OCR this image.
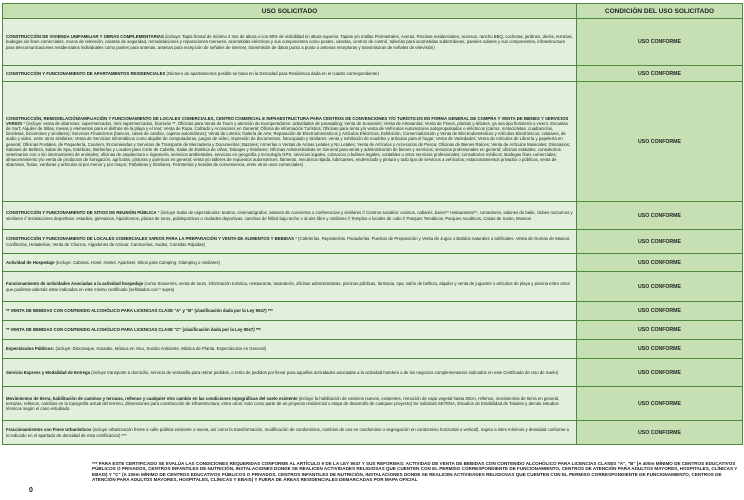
USO SOLICITADO	CONDICIÓN DEL USO SOLICITADO
CONSTRUCCIÓN DE VIVIENDA UNIFAMILIAR Y OBRAS COMPLEMENTARIAS (incluye: Tapia frontal de mínimo 2 mts de altura o con 80% de visibilidad en altura superior, Tapias y/o mallas Perimetrales, Aceras, Piscinas residenciales, accesos, rancho BBQ, cocheras, jardines, decks, terrazas, bodegas sin fines comerciales, muros de retención, casetas de seguridad, remodelaciones y reparaciones menores, acometidas eléctricas y sus componentes como postes, casetas, centros de control, tuberías para acometidas subterráneas, paneles solares y sus componentes, infraestructura para telecomunicaciones residenciales individuales como postes para antenas, antenas para recepción de señales de internet, transmisión de datos punto a punto o antenas receptoras y transmisoras de señales de televisión)	USO CONFORME
CONSTRUCCIÓN Y FUNCIONAMIENTO DE APARTAMENTOS RESIDENCIALES (Número de apartamentos posible se basa en la Densidad para Residencia dada en el cuadro correspondiente)	USO CONFORME
CONSTRUCCIÓN, REMODELACIÓN/AMPLIACIÓN Y FUNCIONAMIENTO DE LOCALES COMERCIALES, CENTRO COMERCIAL E INFRAESTRUCTURA PARA CENTROS DE CONVENCIONES Y/O TURÍSTICOS EN FORMA GENERAL DE COMPRA Y VENTA DE BIENES Y SERVICIOS VARIOS * (incluye: venta de abarrotes, supermercados, mini supermercados, licoreras **, Oficinas para Venta de Tours y atención de touroperadores: actividades de parasailing; Venta de Souvenirs; Venta de Artesanías; Venta de Flores, plantas y árboles, ya sea tipo floristería o vivero; Escuelas de Surf; Alquiler de Sillas, mesas y elementos para el disfrute de la playa y el mar; Venta de Ropa, Calzado y Accesorios en General; Oficina de información Turística; Oficinas para renta y/o venta de Vehículos Automotores autopropulsados o eléctricos (carros, motocicletas, cuadraciclos, bicicletas, biciomotos y similares); Servicios Financieros (bancos, casas de cambio, cajeros automáticos); Venta de Lotería; Galería de Arte; Reparación de Electrodomésticos y Artículos Eléctricos; Exhibición, Comercialización y Venta de Electrodomésticos y Artículos Electrónicos; celulares, de audio y video, entre otros similares; Venta de Servicios Informáticos como alquiler de computadoras, juegos de video, impresión de documentos, fotocopiado y similares; venta y exhibición de muebles y artículos para el hogar; Venta de Variedades; Venta de Artículos de Librería y papelería en general; Oficinas Postales, de Paquetería, Couriers, Encomiendas y Servicios de Transporte de Mercadería y Documentos; Bazares; Armerías o Ventas de Armas Letales y No Letales; Venta de Artículos y Accesorios de Pesca; Oficinas de Bienes Raíces; Venta de Artículos Musicales; Gimnasios; Salones de Belleza, Salas de Spa, Estéticas, Barberías y Locales para Corte de Cabello, Salas de Estética de Uñas, Tatuajes y Similares; Oficinas Administrativas en General para venta y administración de bienes y servicios; servicios profesionales en general; oficinas estatales; consultorios veterinarios con o sin internamiento de animales; oficinas de arquitectura e ingeniería, servicios ambientales, servicios en geografía y tecnología GPS, servicios legales, consorcio o bufetes legales, contables u otros servicios profesionales; consultorios médicos; Bodegas fines comerciales; almacenamiento y/o venta de productos de fumigación, agrícolas, pinturas y químicos en general; venta y/o talleres de repuestos automotrices, llanteras, mecánica rápida, lubricantes, enderezado y pintura y todo tipo de servicios a vehículos; estacionamientos privados o públicos, venta de abarrotes, frutas, verduras y artículos al por menor y por mayor; Pañaleras y Similares, Ferreterías y tiendas de conveniencia, entre otros usos comerciales)	USO CONFORME
CONSTRUCCIÓN Y FUNCIONAMIENTO DE SITIOS DE REUNIÓN PÚBLICA * (incluye Salas de espectáculos: teatros, cinematógrafos, salones de conciertos o conferencias y similares // Centros sociales: casinos, cabarés, bares** restaurantes**, comedores, salones de baile, clubes nocturnos y similares // Instalaciones deportivas: estadios, gimnasios, hipódromos, plazas de toros, polideportivos o ciudades deportivas, canchas de fútbol bajo techo o al aire libre y similares // Templos o locales de culto // Parques Temáticos, Parques Acuáticos, Casas de Susto, Museos	USO CONFORME
CONSTRUCCIÓN Y FUNCIONAMIENTO DE LOCALES COMERCIALES VARIOS PARA LA PREPARACIÓN Y VENTA DE ALIMENTOS Y BEBIDAS * (Cafeterías, Reposterías, Panaderías, Puestos de Preparación y Venta de Jugos o Batidos naturales o artificiales, Venta de Gomas de Mascar, Confiterías, Heladerías, Venta de Churros, Algodones de Azúcar, Carnicerías, Sodas, Comidas Rápidas)	USO CONFORME
Actividad de Hospedaje (incluye: Cabinas, Hotel, Hostel, Apartotel, Sitios para Camping, Glamping o similares)	USO CONFORME
Funcionamiento de actividades Asociadas a la actividad hospedaje (como Souvenirs, venta de tours, información turística, restaurante, lavandería, oficinas administrativas, piscinas públicas, farmacia, spa, salón de belleza, alquiler y venta de juguetes o artículos de playa y piscina entre otros que pudieran además estar indicados en este mismo certificado (señalados con * supra)	USO CONFORME
** VENTA DE BEBIDAS CON CONTENIDO ALCOHÓLICO PARA LICENCIAS CLASE "A" y "B" (clasificación dada por la Ley 9047) ***	USO CONFORME
** VENTA DE BEBIDAS CON CONTENIDO ALCOHÓLICO PARA LICENCIAS CLASE "C" (clasificación dada por la Ley 9047) ***	USO CONFORME
Espectáculos Públicos: (incluye: Discoteque, Karaoke, Música en Vivo, Sonido Ambiente, Música de Planta, Espectáculos en General)	USO CONFORME
Servicio Express y Modalidad de Entrega (incluye transporte a domicilio, servicio de ventanilla para retirar pedidos, o retiro de pedidos por llevar para aquellas actividades asociadas a la actividad hotelera o de los negocios complementarios indicados en este Certificado de Uso de Suelo)	USO CONFORME
Movimientos de tierra, habilitación de caminos y terrazas, rellenos y cualquier otro cambio en las condiciones topográficas del suelo existente (incluye la habilitación de caminos nuevos, existentes, remoción de capa vegetal hasta 30cm, rellenos, movimientos de tierra en general, terrazas, rellenos, cambios en la topografía actual del terreno, dimensiones para construcción de infraestructura, entre otros; todo como parte de un proyecto residencial o etapa de desarrollo de cualquier proyecto) Se solicitará SETENA, Estudios de Estabilidad de Taludes y demás estudios técnicos según el caso estudiado.	USO CONFORME
Fraccionamientos con Fines Urbanísticos (incluye urbanización frente a calle pública existente o nueva, así como la transformación, modificación de condominios, cambios de uso en condominio o segregación en condominio horizontal o vertical). Sujeto a lotes mínimos y densidad conforme a lo indicado en el apartado de densidad de esta certificación) ***	USO CONFORME
0
*** PARA ESTE CERTIFICADO SE EVALÚA LAS CONDICIONES REQUERIDAS CONFORME AL ARTÍCULO 9 DE LA LEY 9047 Y SUS REFORMAS: ACTIVIDAD DE VENTA DE BEBIDAS CON CONTENIDO ALCOHÓLICO PARA LICENCIAS CLASES "A", "B" (A 400m MÍNIMO DE CENTROS EDUCATIVOS PÚBLICOS O PRIVADOS, CENTROS INFANTILES DE NUTRICIÓN, INSTALACIONES DONDE SE REALICEN ACTIVIDADES RELIGIOSAS QUE CUENTEN CON EL PERMISO CORRESPONDIENTE DE FUNCIONAMIENTO, CENTROS DE ATENCIÓN PARA ADULTOS MAYORES, HOSPITALES, CLÍNICAS Y EBAIS) Y "C" (A 100m MÍNIMO DE CENTROS EDUCATIVOS PÚBLICOS O PRIVADOS, CENTROS INFANTILES DE NUTRICIÓN, INSTALACIONES DONDE SE REALICEN ACTIVIDADES RELIGIOSAS QUE CUENTEN CON EL PERMISO CORRESPONDIENTE DE FUNCIONAMIENTO, CENTROS DE ATENCIÓN PARA ADULTOS MAYORES, HOSPITALES, CLÍNICAS Y EBAIS) Y FUERA DE ÁREAS RESIDENCIALES DEMARCADAS POR MAPA OFICIAL
